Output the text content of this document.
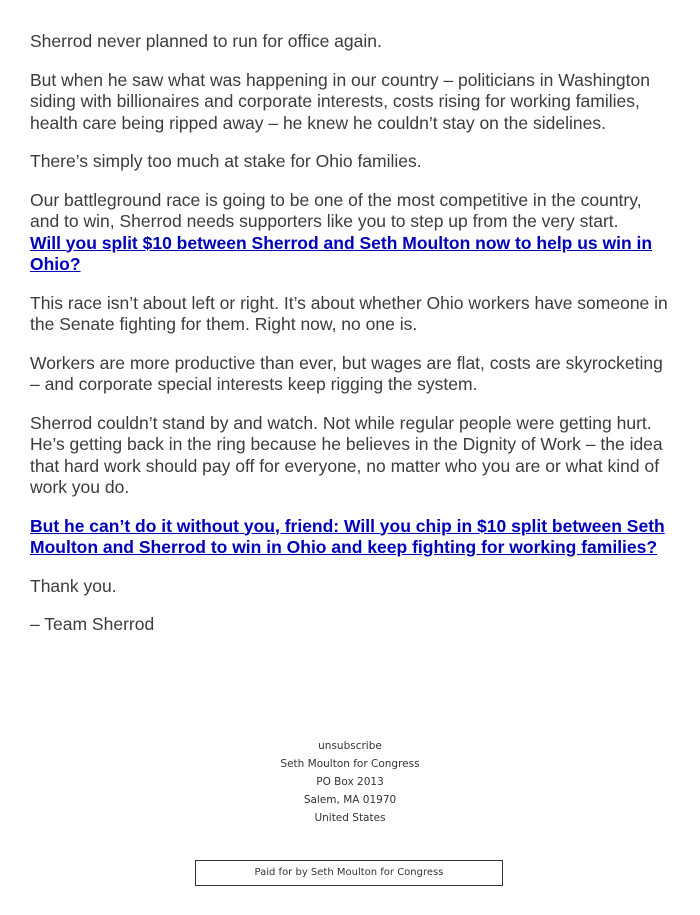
Sherrod never planned to run for office again.

But when he saw what was happening in our country – politicians in Washington siding with billionaires and corporate interests, costs rising for working families, health care being ripped away – he knew he couldn’t stay on the sidelines.

There’s simply too much at stake for Ohio families.

Our battleground race is going to be one of the most competitive in the country, and to win, Sherrod needs supporters like you to step up from the very start.
Will you split $10 between Sherrod and Seth Moulton now to help us win in Ohio?

This race isn’t about left or right. It’s about whether Ohio workers have someone in the Senate fighting for them. Right now, no one is.

Workers are more productive than ever, but wages are flat, costs are skyrocketing – and corporate special interests keep rigging the system.

Sherrod couldn’t stand by and watch. Not while regular people were getting hurt. He’s getting back in the ring because he believes in the Dignity of Work – the idea that hard work should pay off for everyone, no matter who you are or what kind of work you do.

But he can’t do it without you, friend: Will you chip in $10 split between Seth Moulton and Sherrod to win in Ohio and keep fighting for working families?

Thank you.

– Team Sherrod

unsubscribe
Seth Moulton for Congress
PO Box 2013
Salem, MA 01970
United States
Paid for by Seth Moulton for Congress
